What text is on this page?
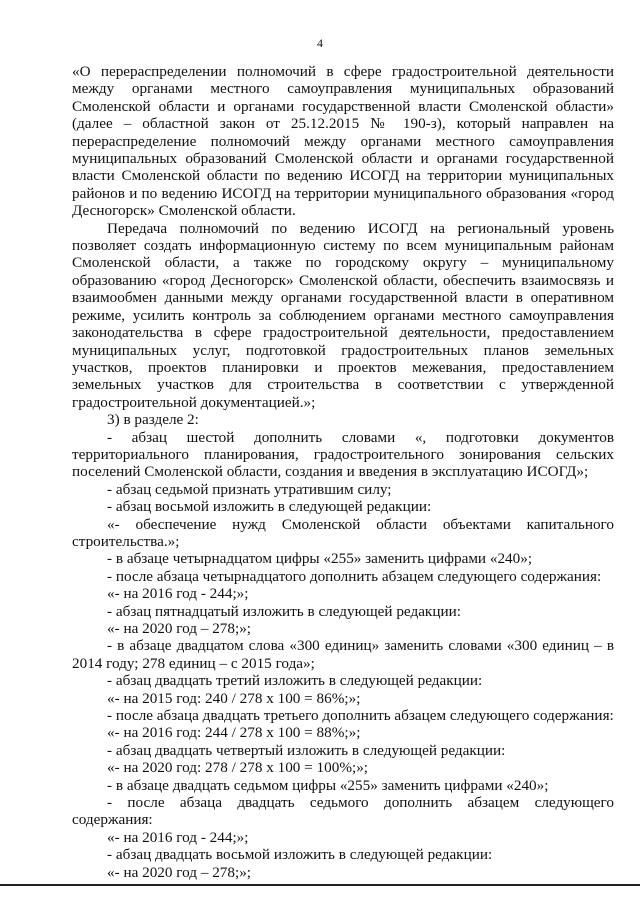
4

«О перераспределении полномочий в сфере градостроительной деятельности между органами местного самоуправления муниципальных образований Смоленской области и органами государственной власти Смоленской области» (далее – областной закон от 25.12.2015 № 190-з), который направлен на перераспределение полномочий между органами местного самоуправления муниципальных образований Смоленской области и органами государственной власти Смоленской области по ведению ИСОГД на территории муниципальных районов и по ведению ИСОГД на территории муниципального образования «город Десногорск» Смоленской области.

Передача полномочий по ведению ИСОГД на региональный уровень позволяет создать информационную систему по всем муниципальным районам Смоленской области, а также по городскому округу – муниципальному образованию «город Десногорск» Смоленской области, обеспечить взаимосвязь и взаимообмен данными между органами государственной власти в оперативном режиме, усилить контроль за соблюдением органами местного самоуправления законодательства в сфере градостроительной деятельности, предоставлением муниципальных услуг, подготовкой градостроительных планов земельных участков, проектов планировки и проектов межевания, предоставлением земельных участков для строительства в соответствии с утвержденной градостроительной документацией.»;

3) в разделе 2:

- абзац шестой дополнить словами «, подготовки документов территориального планирования, градостроительного зонирования сельских поселений Смоленской области, создания и введения в эксплуатацию ИСОГД»;

- абзац седьмой признать утратившим силу;

- абзац восьмой изложить в следующей редакции:

«- обеспечение нужд Смоленской области объектами капитального строительства.»;

- в абзаце четырнадцатом цифры «255» заменить цифрами «240»;

- после абзаца четырнадцатого дополнить абзацем следующего содержания:

«- на 2016 год - 244;»;

- абзац пятнадцатый изложить в следующей редакции:

«- на 2020 год – 278;»;

- в абзаце двадцатом слова «300 единиц» заменить словами «300 единиц – в 2014 году; 278 единиц – с 2015 года»;

- абзац двадцать третий изложить в следующей редакции:

«- на 2015 год: 240 / 278 х 100 = 86%;»;

- после абзаца двадцать третьего дополнить абзацем следующего содержания:

«- на 2016 год: 244 / 278 х 100 = 88%;»;

- абзац двадцать четвертый изложить в следующей редакции:

«- на 2020 год: 278 / 278 х 100 = 100%;»;

- в абзаце двадцать седьмом цифры «255» заменить цифрами «240»;

- после абзаца двадцать седьмого дополнить абзацем следующего содержания:

«- на 2016 год - 244;»;

- абзац двадцать восьмой изложить в следующей редакции:

«- на 2020 год – 278;»;
